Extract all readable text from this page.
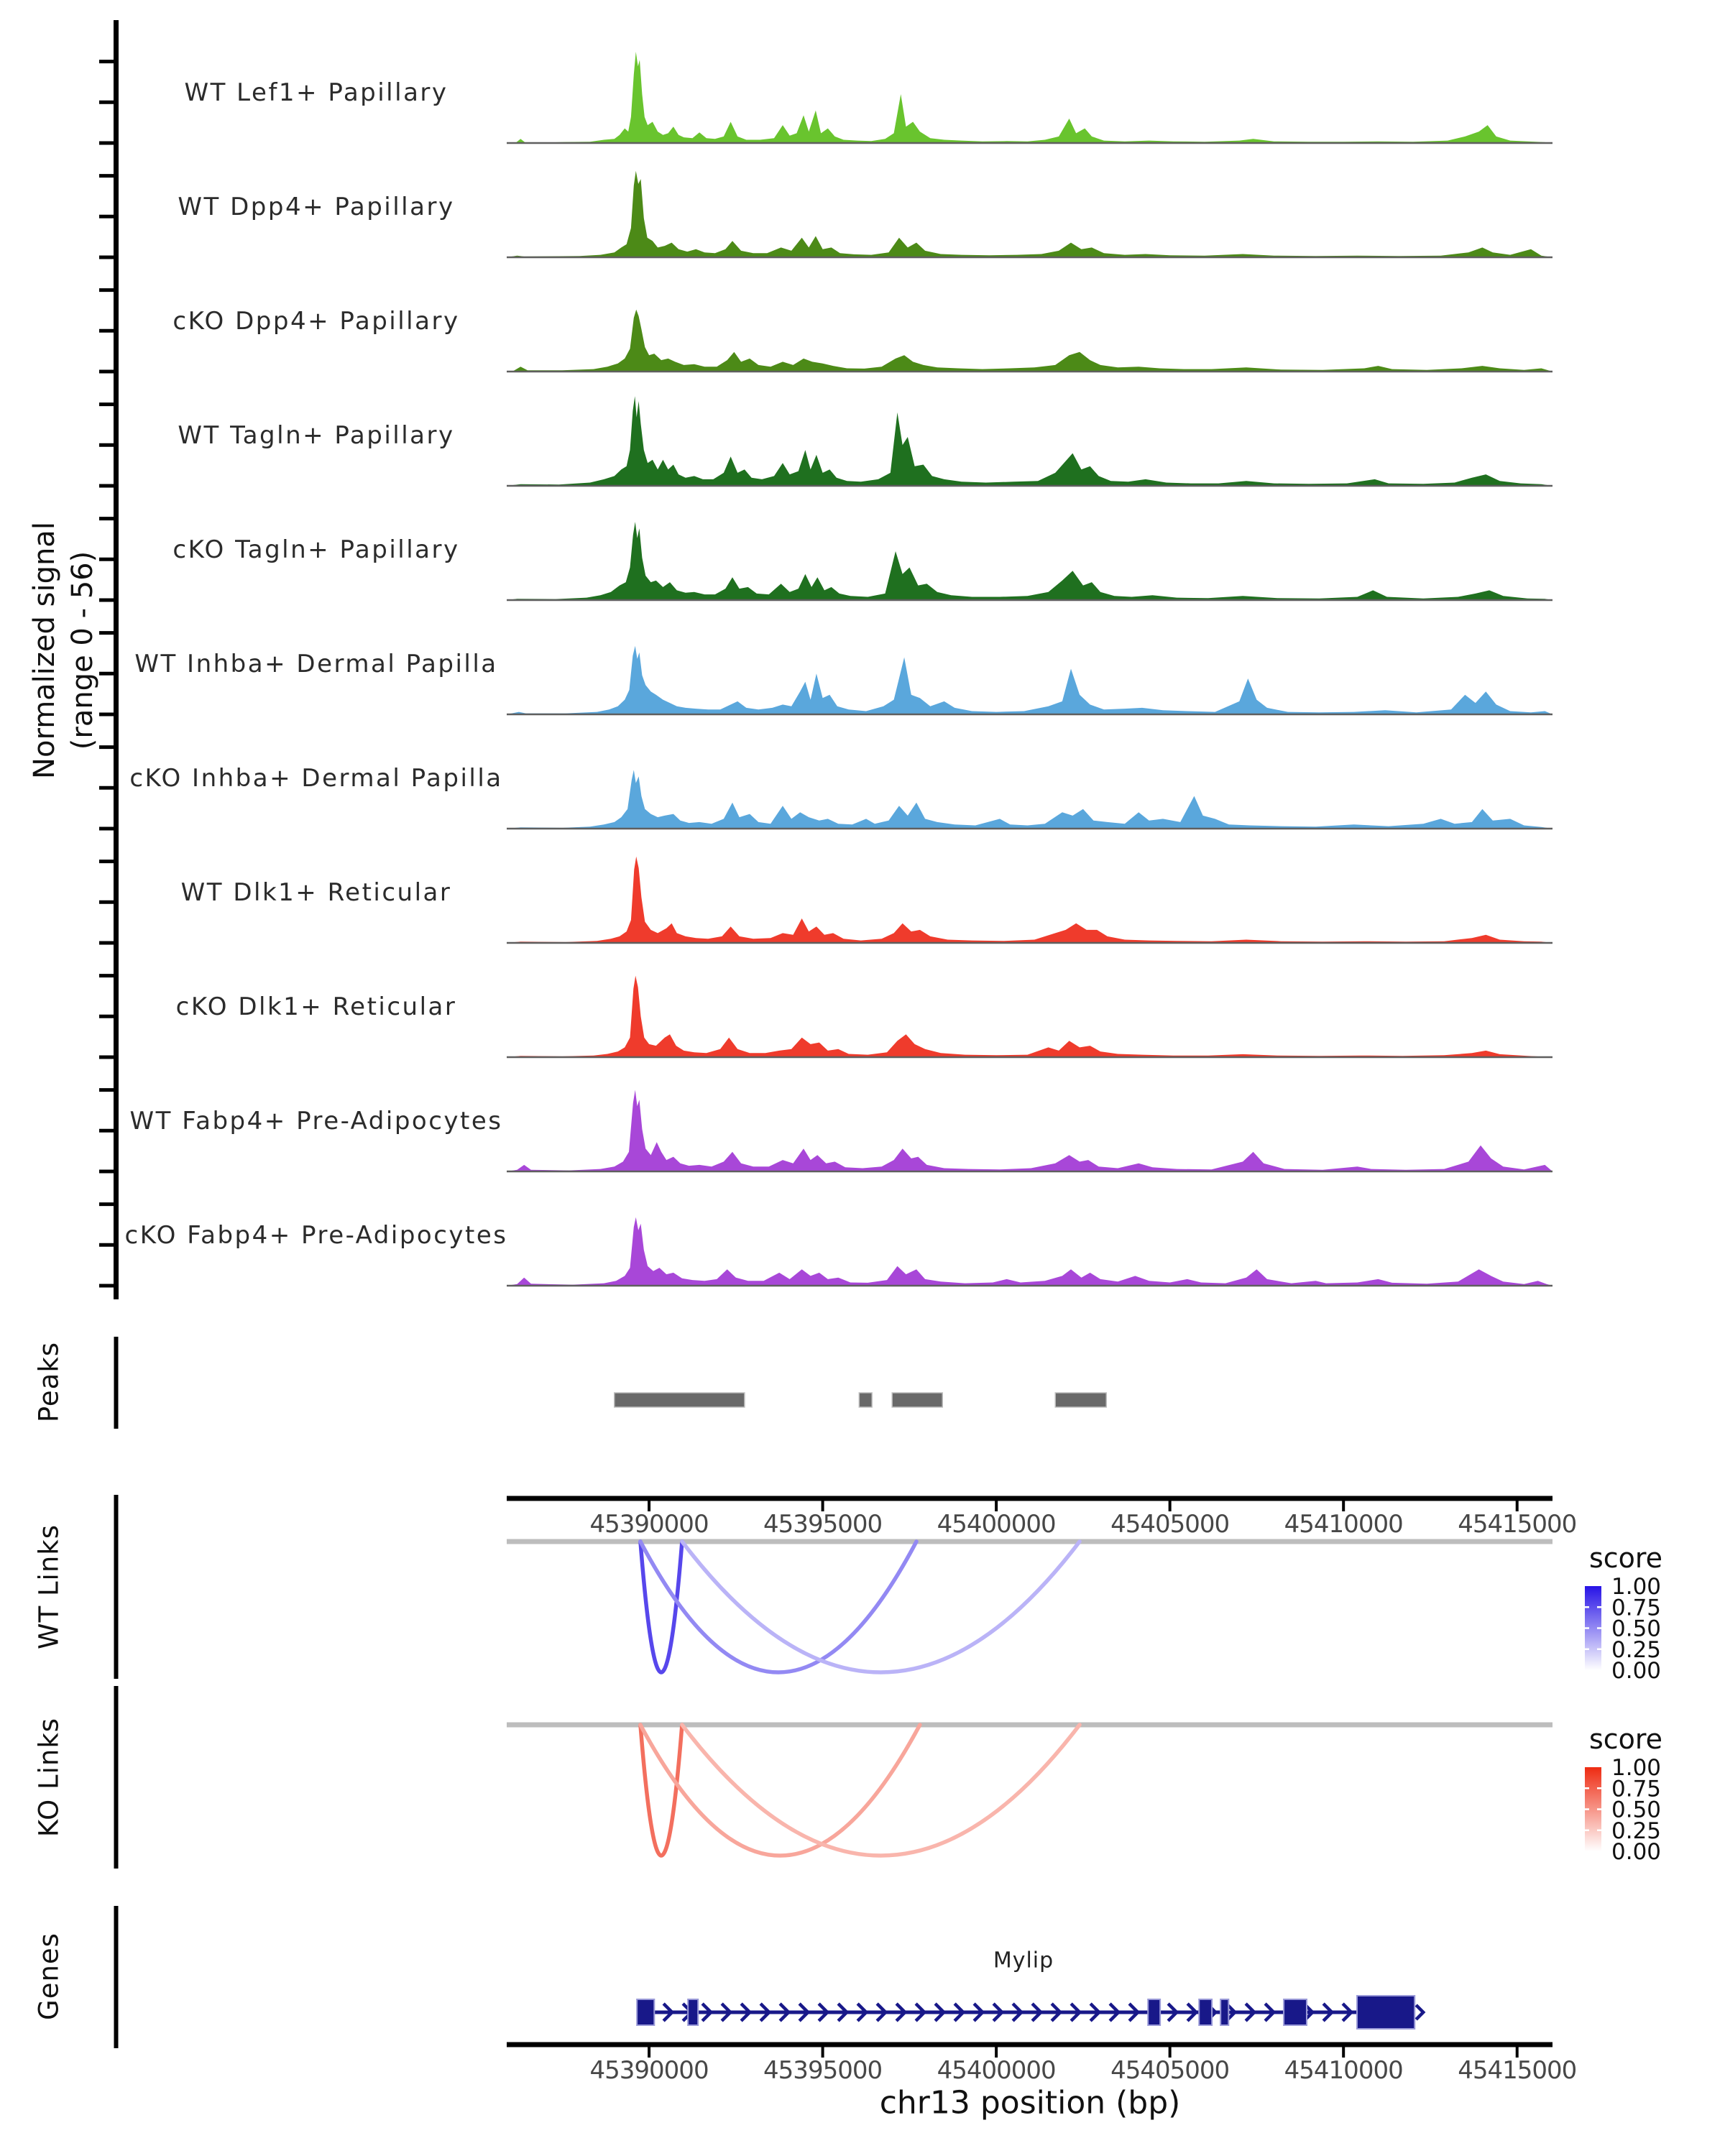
45390000 45395000 45400000 45405000 45410000 45415000
45390000 45395000 45400000 45405000 45410000 45415000
score
1.00
0.75
0.50
0.25
0.00
score
1.00
0.75
0.50
0.25
0.00
Normalized signal (range 0 - 56)
WT Lef1+ Papillary
WT Dpp4+ Papillary
cKO Dpp4+ Papillary
WT Tagln+ Papillary
cKO Tagln+ Papillary
WT Inhba+ Dermal Papilla
cKO Inhba+ Dermal Papilla
WT Dlk1+ Reticular
cKO Dlk1+ Reticular
WT Fabp4+ Pre-Adipocytes
cKO Fabp4+ Pre-Adipocytes
Peaks
WT Links
KO Links
Genes	Mylip
chr13 position (bp)
